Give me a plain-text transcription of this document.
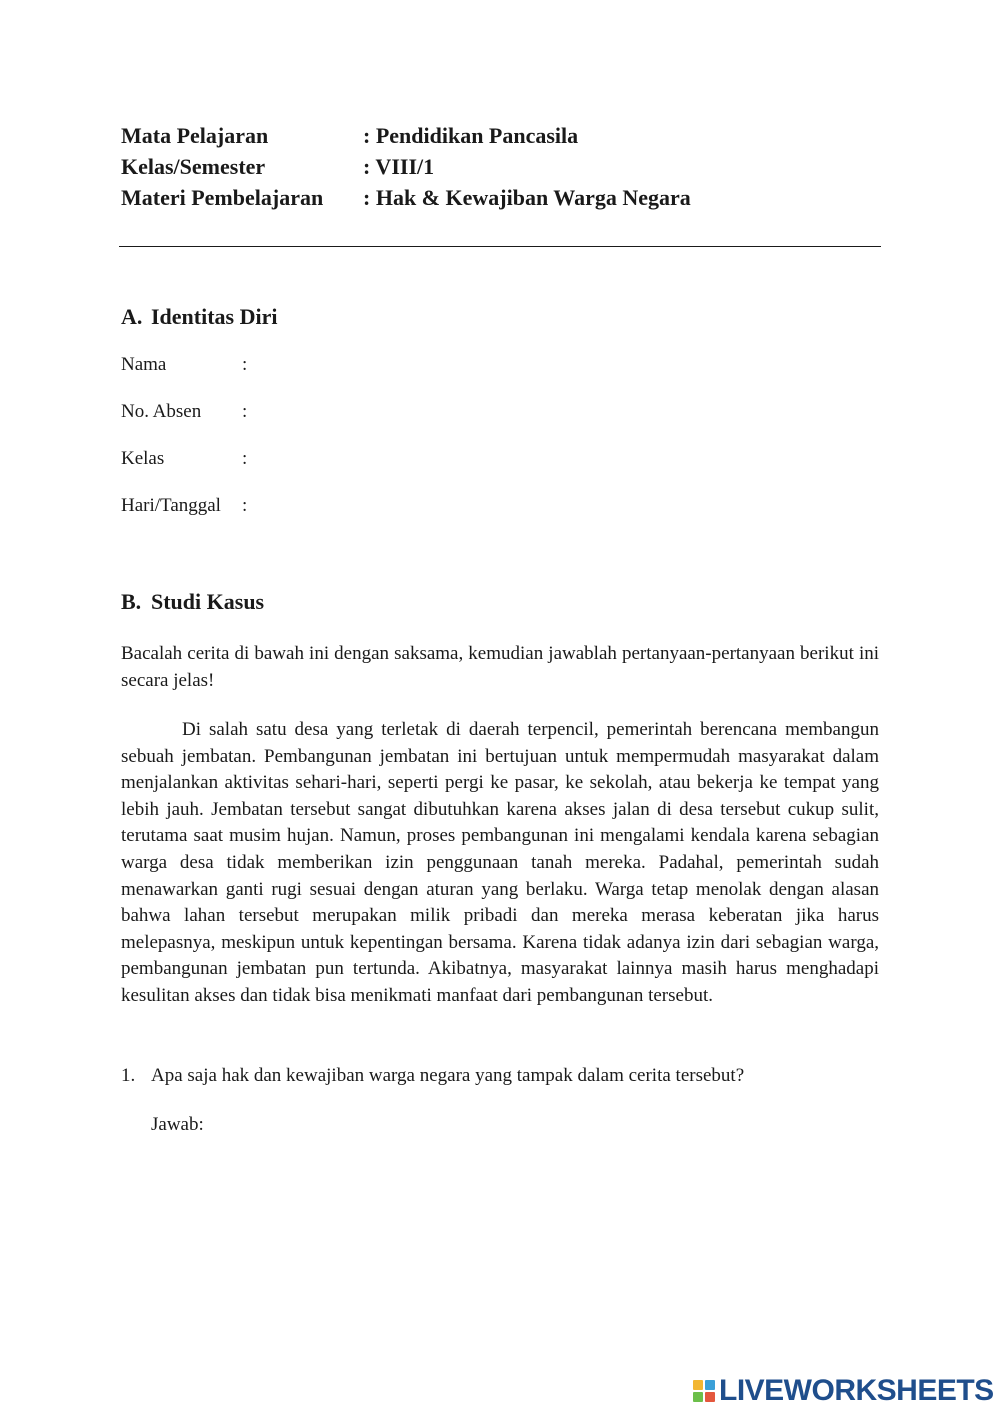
Mata Pelajaran	: Pendidikan Pancasila
Kelas/Semester	: VIII/1
Materi Pembelajaran : Hak & Kewajiban Warga Negara
A. Identitas Diri
Nama	:
No. Absen :
Kelas	:
Hari/Tanggal :
B. Studi Kasus
Bacalah cerita di bawah ini dengan saksama, kemudian jawablah pertanyaan-pertanyaan berikut ini secara jelas!
Di salah satu desa yang terletak di daerah terpencil, pemerintah berencana membangun sebuah jembatan. Pembangunan jembatan ini bertujuan untuk mempermudah masyarakat dalam menjalankan aktivitas sehari-hari, seperti pergi ke pasar, ke sekolah, atau bekerja ke tempat yang lebih jauh. Jembatan tersebut sangat dibutuhkan karena akses jalan di desa tersebut cukup sulit, terutama saat musim hujan. Namun, proses pembangunan ini mengalami kendala karena sebagian warga desa tidak memberikan izin penggunaan tanah mereka. Padahal, pemerintah sudah menawarkan ganti rugi sesuai dengan aturan yang berlaku. Warga tetap menolak dengan alasan bahwa lahan tersebut merupakan milik pribadi dan mereka merasa keberatan jika harus melepasnya, meskipun untuk kepentingan bersama. Karena tidak adanya izin dari sebagian warga, pembangunan jembatan pun tertunda. Akibatnya, masyarakat lainnya masih harus menghadapi kesulitan akses dan tidak bisa menikmati manfaat dari pembangunan tersebut.
1. Apa saja hak dan kewajiban warga negara yang tampak dalam cerita tersebut?
Jawab:
LIVEWORKSHEETS
